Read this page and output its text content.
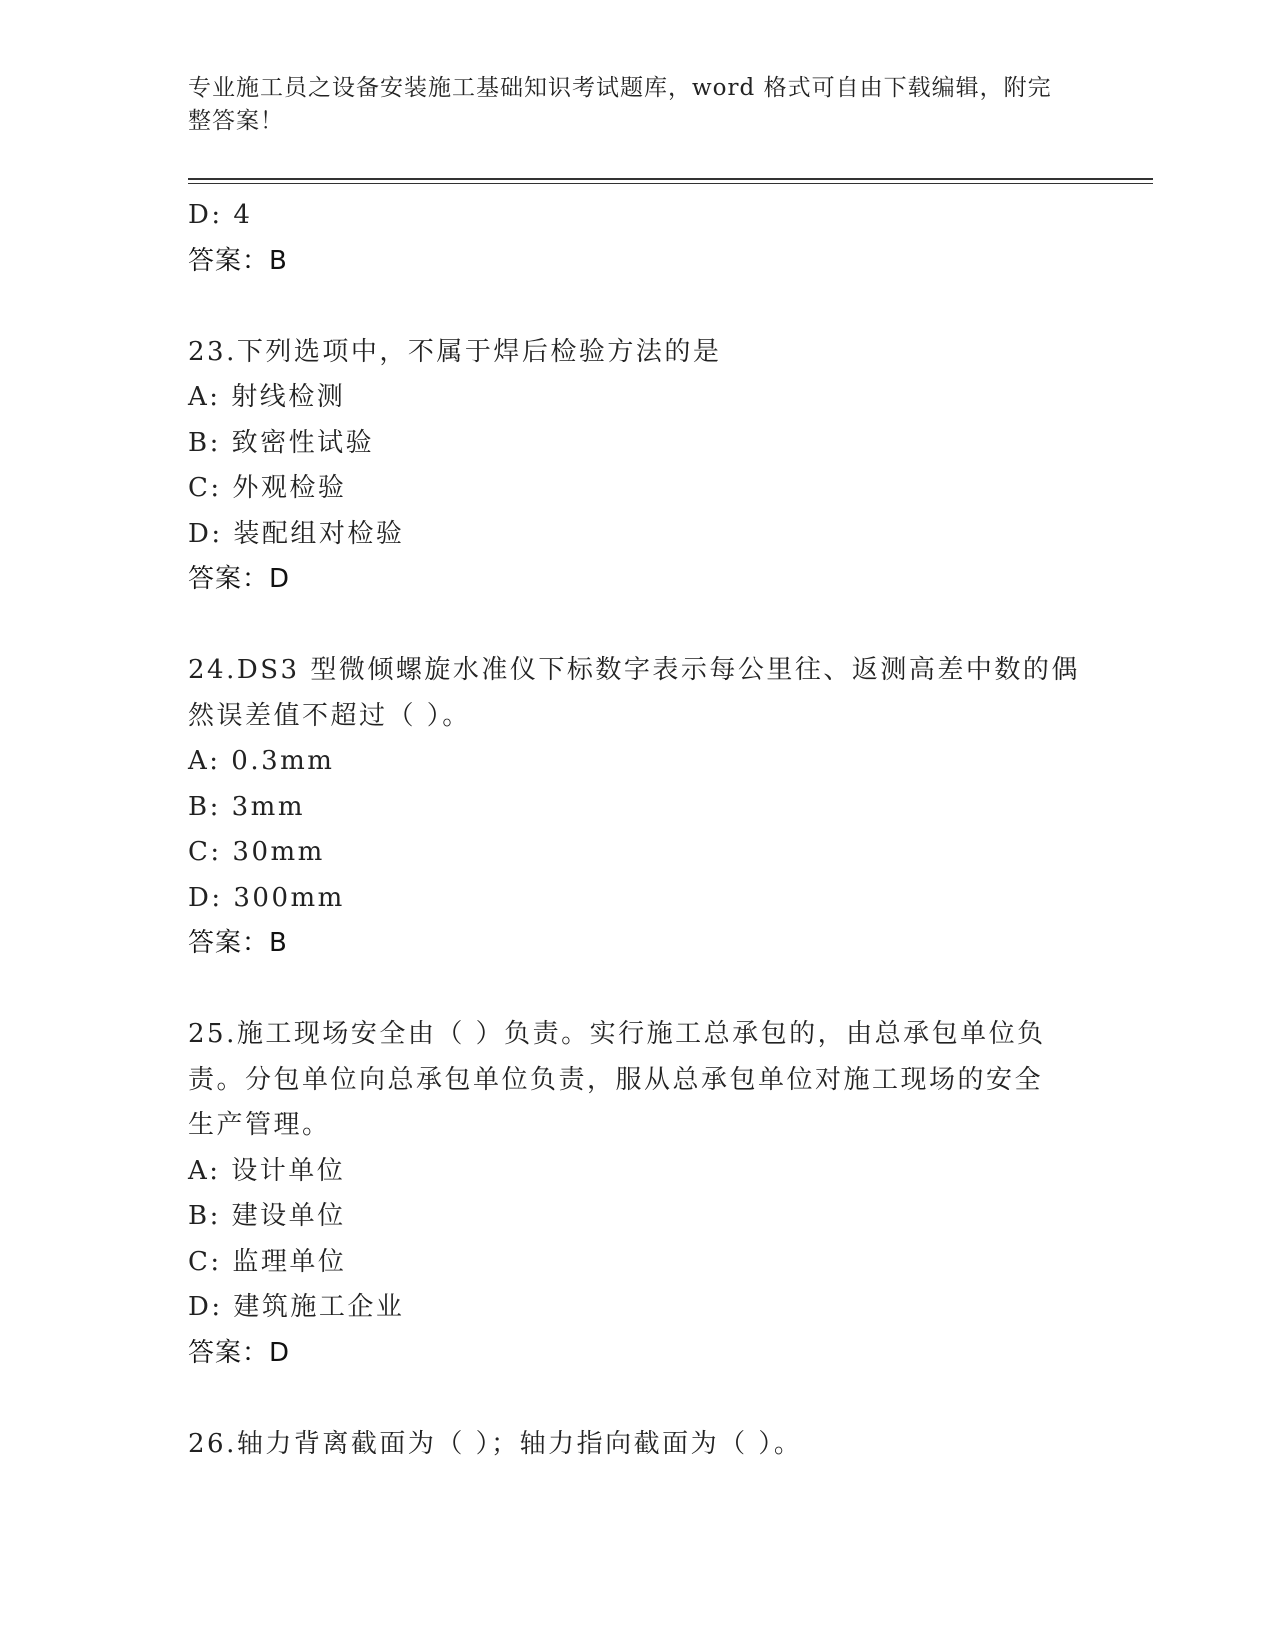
专业施工员之设备安装施工基础知识考试题库，word 格式可自由下载编辑，附完
整答案！
D: 4
答案：B
23.下列选项中，不属于焊后检验方法的是
A: 射线检测
B: 致密性试验
C: 外观检验
D: 装配组对检验
答案：D
24.DS3 型微倾螺旋水准仪下标数字表示每公里往、返测高差中数的偶
然误差值不超过（ ）。
A: 0.3mm
B: 3mm
C: 30mm
D: 300mm
答案：B
25.施工现场安全由（ ）负责。实行施工总承包的，由总承包单位负
责。分包单位向总承包单位负责，服从总承包单位对施工现场的安全
生产管理。
A: 设计单位
B: 建设单位
C: 监理单位
D: 建筑施工企业
答案：D
26.轴力背离截面为（ ）；轴力指向截面为（ ）。
